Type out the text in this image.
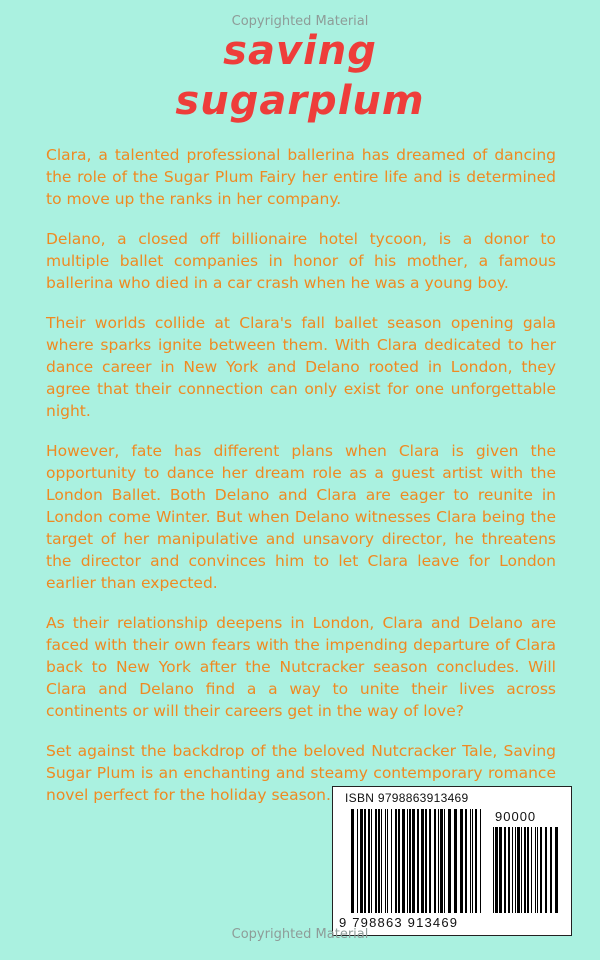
Copyrighted Material
saving
sugarplum

Clara, a talented professional ballerina has dreamed of dancing the role of the Sugar Plum Fairy her entire life and is determined to move up the ranks in her company.

Delano, a closed off billionaire hotel tycoon, is a donor to multiple ballet companies in honor of his mother, a famous ballerina who died in a car crash when he was a young boy.

Their worlds collide at Clara's fall ballet season opening gala where sparks ignite between them. With Clara dedicated to her dance career in New York and Delano rooted in London, they agree that their connection can only exist for one unforgettable night.

However, fate has different plans when Clara is given the opportunity to dance her dream role as a guest artist with the London Ballet. Both Delano and Clara are eager to reunite in London come Winter. But when Delano witnesses Clara being the target of her manipulative and unsavory director, he threatens the director and convinces him to let Clara leave for London earlier than expected.

As their relationship deepens in London, Clara and Delano are faced with their own fears with the impending departure of Clara back to New York after the Nutcracker season concludes. Will Clara and Delano find a a way to unite their lives across continents or will their careers get in the way of love?

Set against the backdrop of the beloved Nutcracker Tale, Saving Sugar Plum is an enchanting and steamy contemporary romance novel perfect for the holiday season.	ISBN 9798863913469
90000
9 798863 913469
Copyrighted Material
